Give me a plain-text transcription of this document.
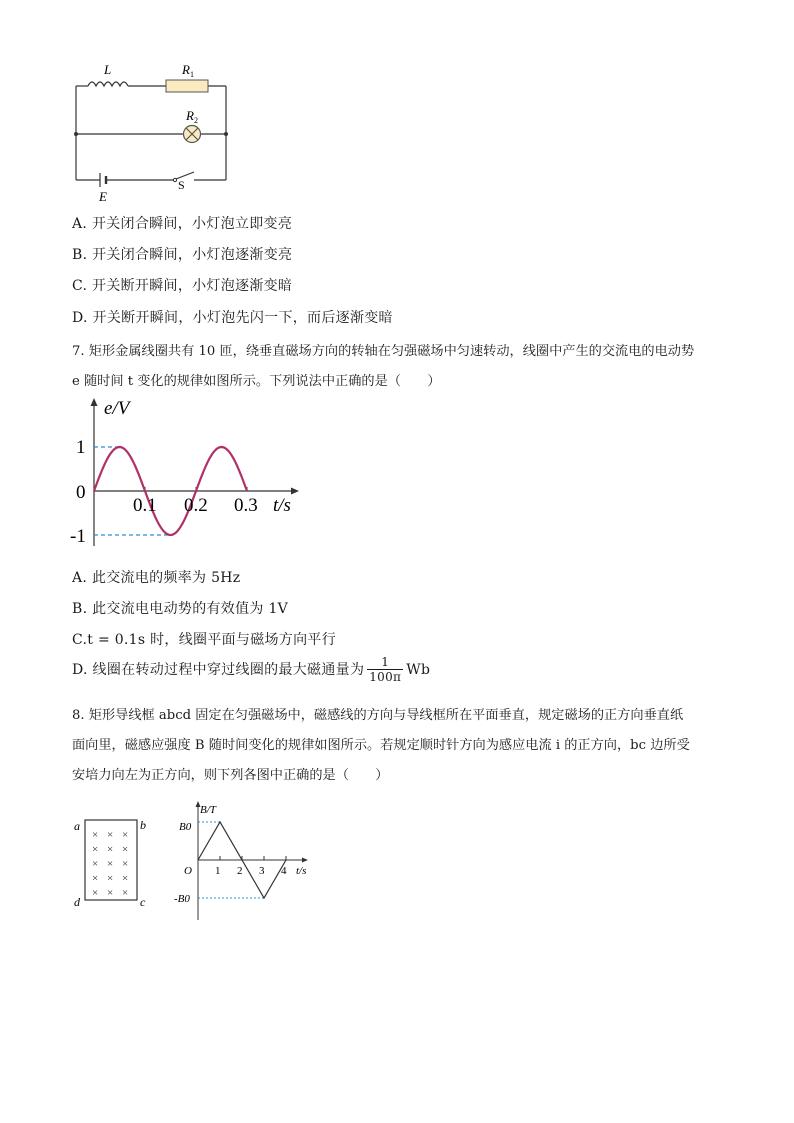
L	$R_1$
$R_2$
E
S
A. 开关闭合瞬间，小灯泡立即变亮
B. 开关闭合瞬间，小灯泡逐渐变亮
C. 开关断开瞬间，小灯泡逐渐变暗
D. 开关断开瞬间，小灯泡先闪一下，而后逐渐变暗
7. 矩形金属线圈共有 10 匝，绕垂直磁场方向的转轴在匀强磁场中匀速转动，线圈中产生的交流电的电动势
e 随时间 t 变化的规律如图所示。下列说法中正确的是（　　）
e/V
t/s
1
0
-1
0.1 0.2 0.3
A. 此交流电的频率为 5Hz
B. 此交流电电动势的有效值为 1V
C.t = 0.1s 时，线圈平面与磁场方向平行
D. 线圈在转动过程中穿过线圈的最大磁通量为 $\frac{1}{100\pi}$ Wb
8. 矩形导线框 abcd 固定在匀强磁场中，磁感线的方向与导线框所在平面垂直，规定磁场的正方向垂直纸
面向里，磁感应强度 B 随时间变化的规律如图所示。若规定顺时针方向为感应电流 i 的正方向，bc 边所受
安培力向左为正方向，则下列各图中正确的是（　　）
× × ×
× × ×
× × ×
× × ×
× × ×
a	b
c
d
B/T
t/s
O
B0
-B0
1 2 3 4
